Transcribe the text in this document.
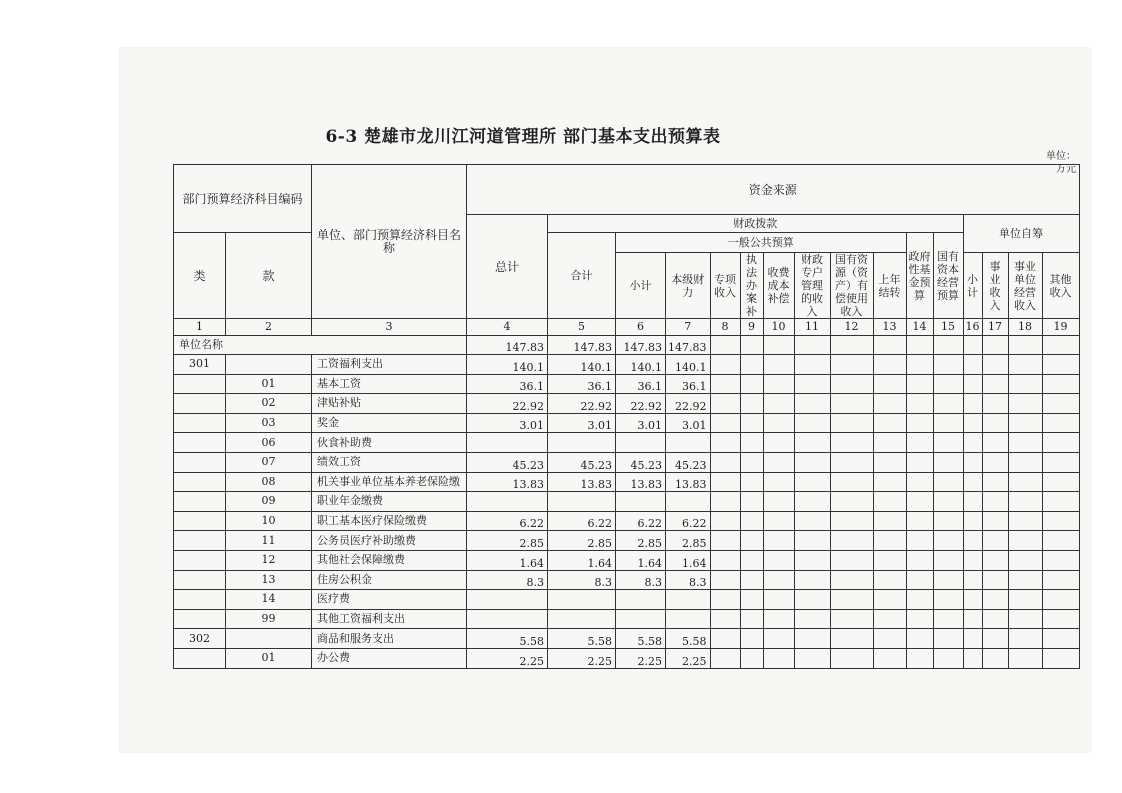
6-3 楚雄市龙川江河道管理所 部门基本支出预算表
单位：万元
部门预算经济科目编码		单位、部门预算经济科目名称	资金来源															
			总计	财政拨款											单位自筹			
类	款			合计	一般公共预算								政府性基金预算	国有资本经营预算				
					小计	本级财力	专项收入	执法办案补	收费成本补偿	财政专户管理的收入	国有资源（资产）有偿使用收入	上年结转			小计	事业收入	事业单位经营收入	其他收入
1	2	3	4	5	6	7	8	9	10	11	12	13	14	15	16	17	18	19
单位名称			147.83	147.83	147.83	147.83												
301		工资福利支出	140.1	140.1	140.1	140.1												
	01	基本工资	36.1	36.1	36.1	36.1												
	02	津贴补贴	22.92	22.92	22.92	22.92												
	03	奖金	3.01	3.01	3.01	3.01												
	06	伙食补助费																
	07	绩效工资	45.23	45.23	45.23	45.23												
	08	机关事业单位基本养老保险缴	13.83	13.83	13.83	13.83												
	09	职业年金缴费																
	10	职工基本医疗保险缴费	6.22	6.22	6.22	6.22												
	11	公务员医疗补助缴费	2.85	2.85	2.85	2.85												
	12	其他社会保障缴费	1.64	1.64	1.64	1.64												
	13	住房公积金	8.3	8.3	8.3	8.3												
	14	医疗费																
	99	其他工资福利支出																
302		商品和服务支出	5.58	5.58	5.58	5.58												
	01	办公费	2.25	2.25	2.25	2.25												
